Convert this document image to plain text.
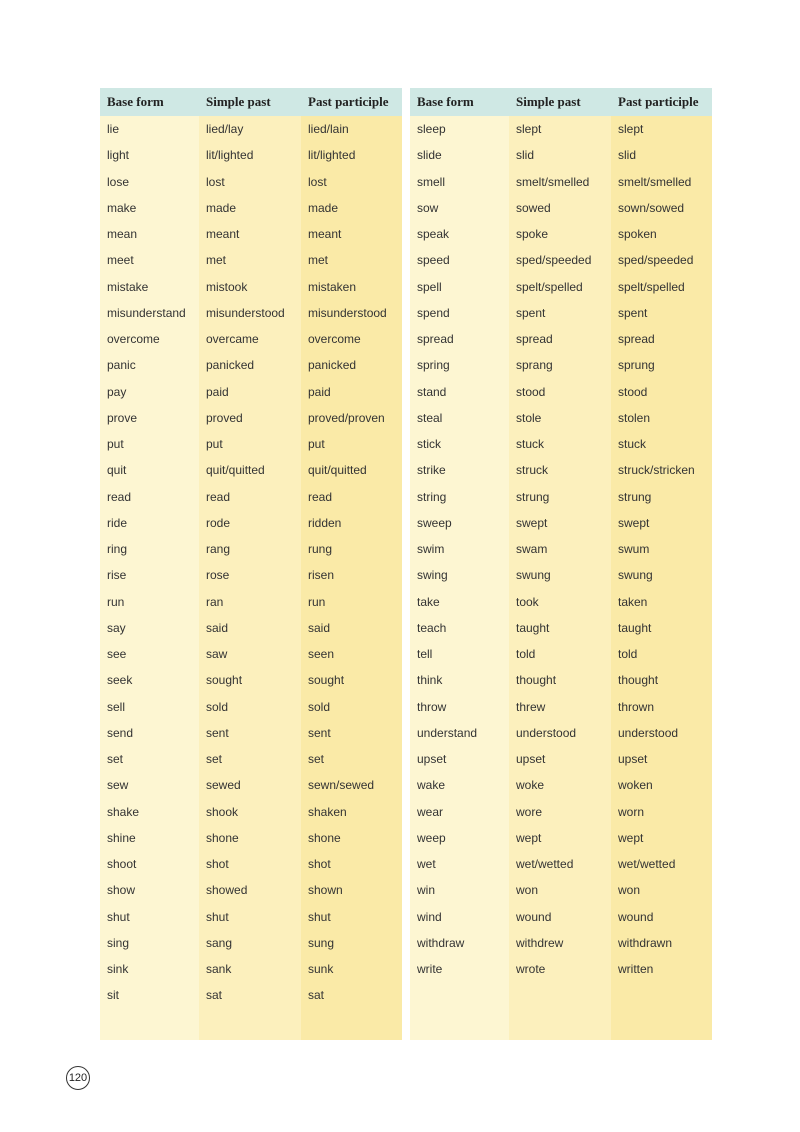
Base form
lie
light
lose
make
mean
meet
mistake
misunderstand
overcome
panic
pay
prove
put
quit
read
ride
ring
rise
run
say
see
seek
sell
send
set
sew
shake
shine
shoot
show
shut
sing
sink
sit
Simple past
lied/lay
lit/lighted
lost
made
meant
met
mistook
misunderstood
overcame
panicked
paid
proved
put
quit/quitted
read
rode
rang
rose
ran
said
saw
sought
sold
sent
set
sewed
shook
shone
shot
showed
shut
sang
sank
sat
Past participle
lied/lain
lit/lighted
lost
made
meant
met
mistaken
misunderstood
overcome
panicked
paid
proved/proven
put
quit/quitted
read
ridden
rung
risen
run
said
seen
sought
sold
sent
set
sewn/sewed
shaken
shone
shot
shown
shut
sung
sunk
sat
Base form
sleep
slide
smell
sow
speak
speed
spell
spend
spread
spring
stand
steal
stick
strike
string
sweep
swim
swing
take
teach
tell
think
throw
understand
upset
wake
wear
weep
wet
win
wind
withdraw
write
Simple past
slept
slid
smelt/smelled
sowed
spoke
sped/speeded
spelt/spelled
spent
spread
sprang
stood
stole
stuck
struck
strung
swept
swam
swung
took
taught
told
thought
threw
understood
upset
woke
wore
wept
wet/wetted
won
wound
withdrew
wrote
Past participle
slept
slid
smelt/smelled
sown/sowed
spoken
sped/speeded
spelt/spelled
spent
spread
sprung
stood
stolen
stuck
struck/stricken
strung
swept
swum
swung
taken
taught
told
thought
thrown
understood
upset
woken
worn
wept
wet/wetted
won
wound
withdrawn
written
120
